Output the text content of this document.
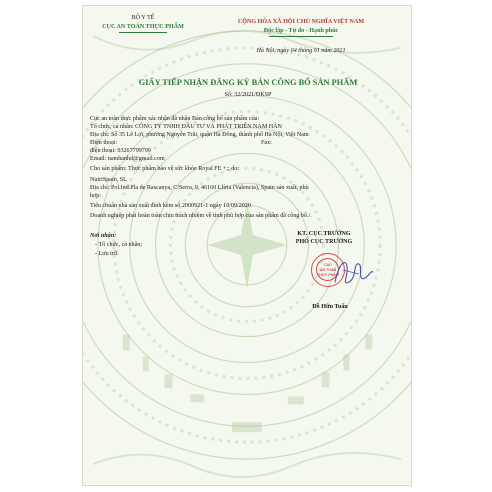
BỘ Y TẾ
CỤC AN TOÀN THỰC PHẨM
CỘNG HÒA XÃ HỘI CHỦ NGHĨA VIỆT NAM
Độc lập - Tự do - Hạnh phúc
Hà Nội, ngày 04 tháng 01 năm 2021
GIẤY TIẾP NHẬN ĐĂNG KÝ BẢN CÔNG BỐ SẢN PHẨM
Số: 32/2021/ĐKSP
Cục an toàn thực phẩm xác nhận đã nhận Bản công bố sản phẩm của:
Tổ chức, cá nhân: CÔNG TY TNHH ĐẦU TƯ VÀ PHÁT TRIỂN NAM HÂN
Địa chỉ: Số 35 Lê Lợi, phường Nguyễn Trãi, quận Hà Đông, thành phố Hà Nội, Việt Nam
Điện thoại:	Fax:
điện thoại: 03267799799
Email: namhanhd@gmail.com
Cho sản phẩm: Thực phẩm bảo vệ sức khỏe Royal FE +;; do:
NutriSpain, SL
Địa chỉ: Pol.Ind.Pla de Rascanya, C/Serra, 9, 46160 Llíria (Valencia), Spain sản xuất, phù
hợp:
Tiêu chuẩn nhà sản xuất đính kèm số 2000921-1 ngày 10/09/2020
Doanh nghiệp phải hoàn toàn chịu trách nhiệm về tính phù hợp của sản phẩm đã công bố./.
Nơi nhận:
- Tổ chức, cá nhân;
- Lưu trữ.
KT. CỤC TRƯỞNG
PHÓ CỤC TRƯỞNG
CỤC
AN TOÀN
THỰC PHẨM
Đỗ Hữu Tuấn
